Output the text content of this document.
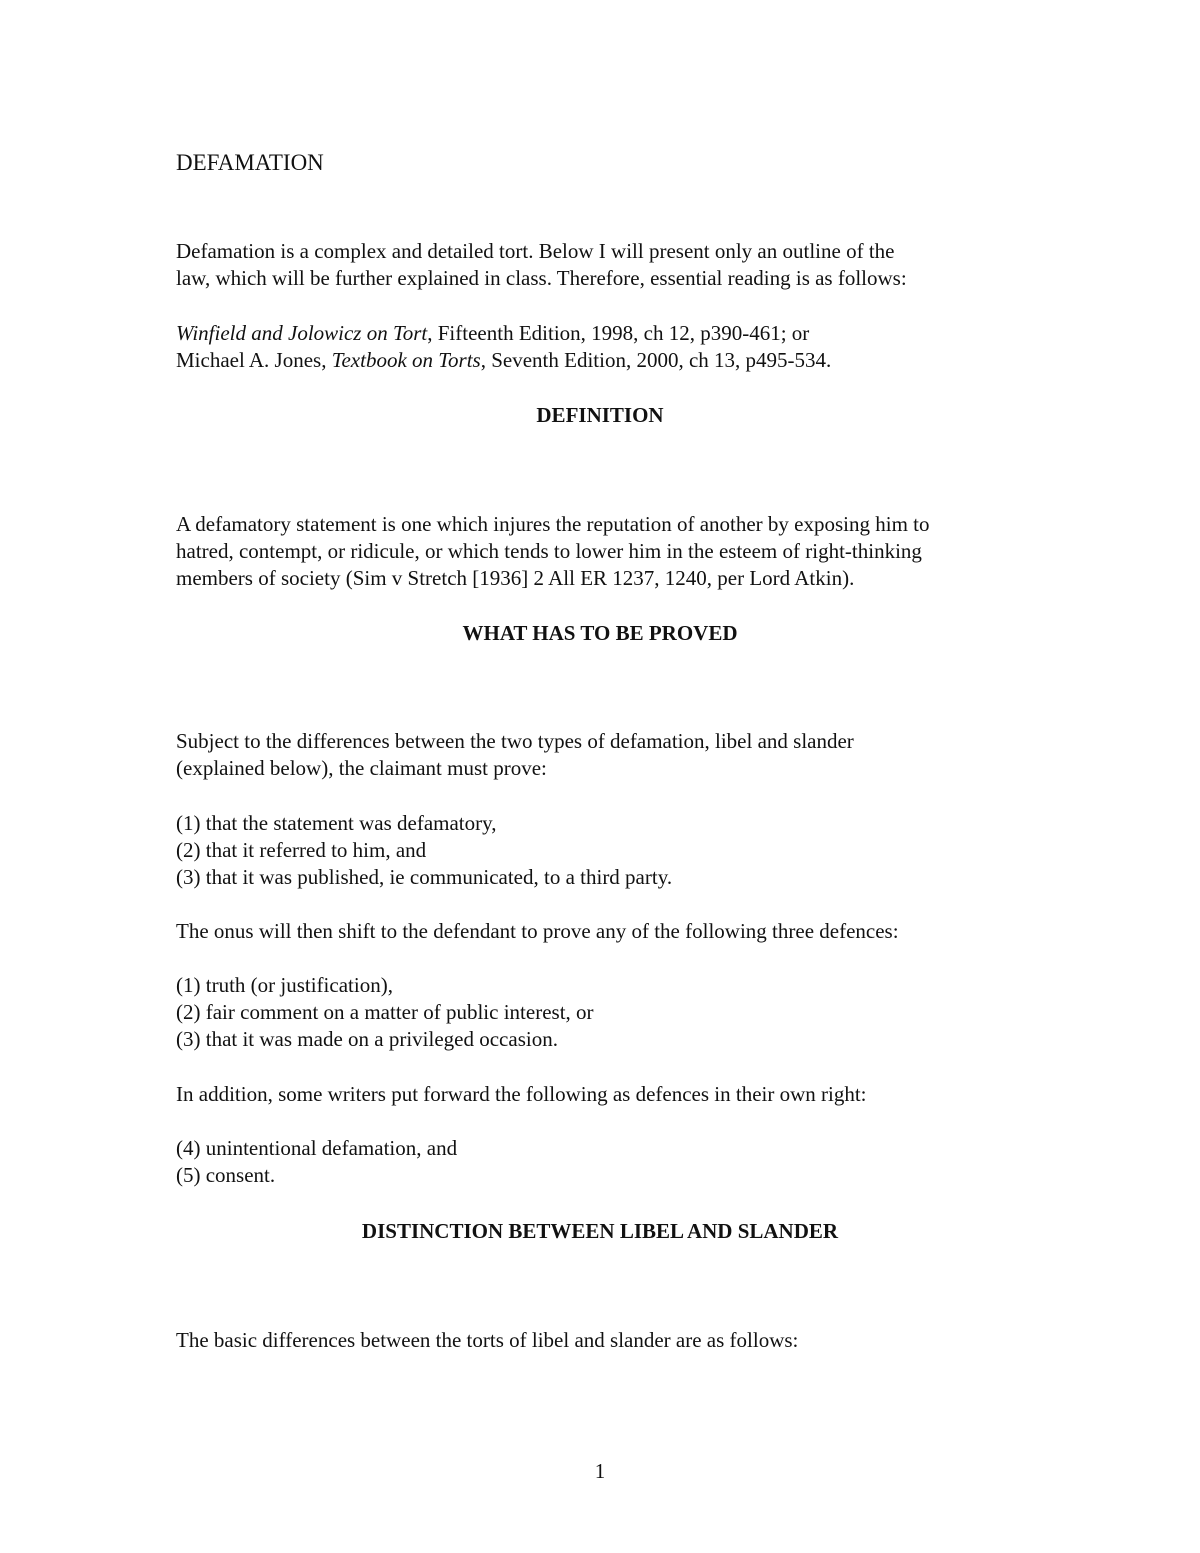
DEFAMATION

Defamation is a complex and detailed tort. Below I will present only an outline of the

law, which will be further explained in class. Therefore, essential reading is as follows:

Winfield and Jolowicz on Tort, Fifteenth Edition, 1998, ch 12, p390-461; or

Michael A. Jones, Textbook on Torts, Seventh Edition, 2000, ch 13, p495-534.

DEFINITION

A defamatory statement is one which injures the reputation of another by exposing him to

hatred, contempt, or ridicule, or which tends to lower him in the esteem of right-thinking

members of society (Sim v Stretch [1936] 2 All ER 1237, 1240, per Lord Atkin).

WHAT HAS TO BE PROVED

Subject to the differences between the two types of defamation, libel and slander

(explained below), the claimant must prove:

(1) that the statement was defamatory,

(2) that it referred to him, and

(3) that it was published, ie communicated, to a third party.

The onus will then shift to the defendant to prove any of the following three defences:

(1) truth (or justification),

(2) fair comment on a matter of public interest, or

(3) that it was made on a privileged occasion.

In addition, some writers put forward the following as defences in their own right:

(4) unintentional defamation, and

(5) consent.

DISTINCTION BETWEEN LIBEL AND SLANDER

The basic differences between the torts of libel and slander are as follows:

1
